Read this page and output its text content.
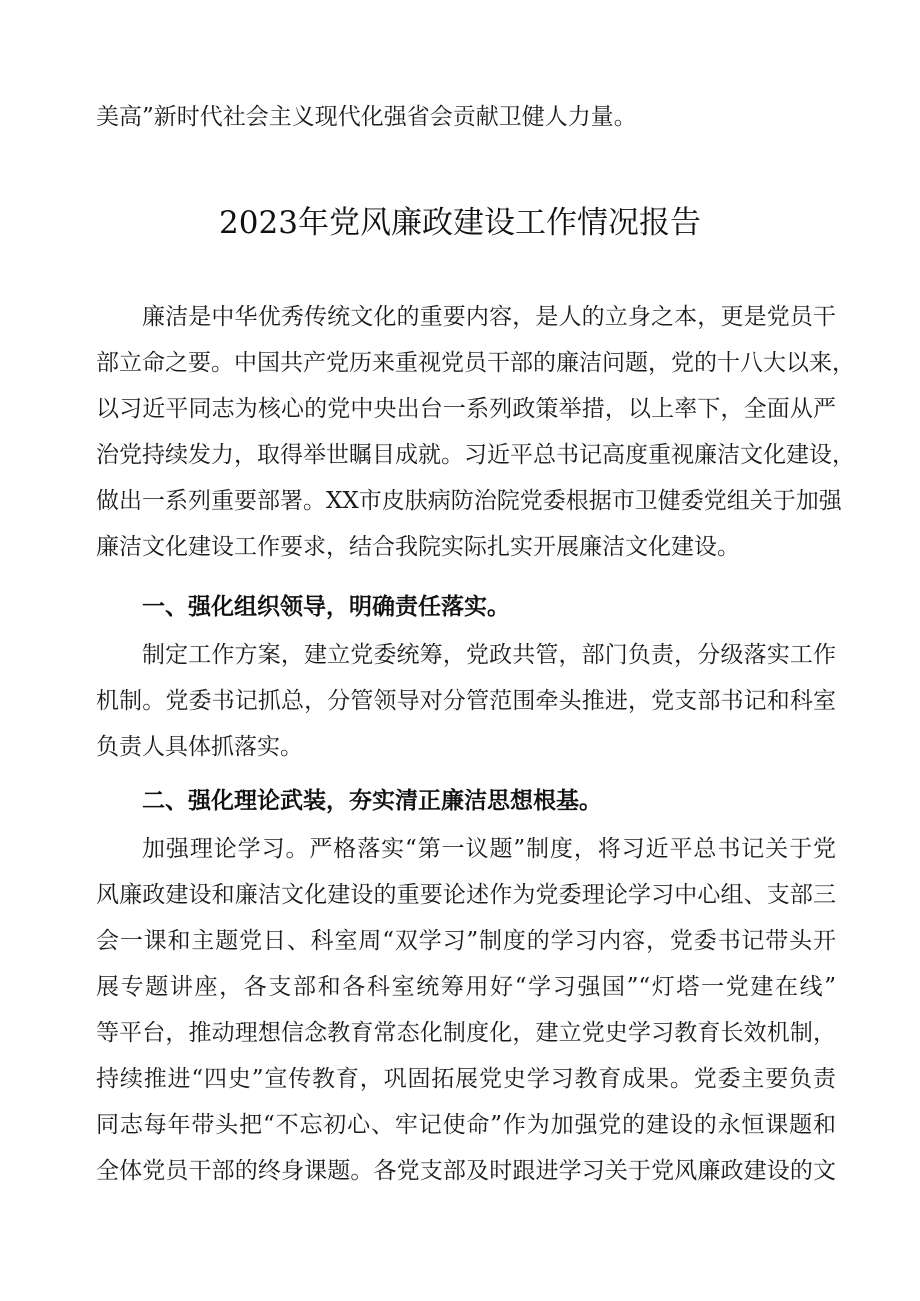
美高”新时代社会主义现代化强省会贡献卫健人力量。
2023年党风廉政建设工作情况报告
廉洁是中华优秀传统文化的重要内容，是人的立身之本，更是党员干
部立命之要。中国共产党历来重视党员干部的廉洁问题，党的十八大以来，
以习近平同志为核心的党中央出台一系列政策举措，以上率下，全面从严
治党持续发力，取得举世瞩目成就。习近平总书记高度重视廉洁文化建设，
做出一系列重要部署。XX市皮肤病防治院党委根据市卫健委党组关于加强
廉洁文化建设工作要求，结合我院实际扎实开展廉洁文化建设。
一、强化组织领导，明确责任落实。
制定工作方案，建立党委统筹，党政共管，部门负责，分级落实工作
机制。党委书记抓总，分管领导对分管范围牵头推进，党支部书记和科室
负责人具体抓落实。
二、强化理论武装，夯实清正廉洁思想根基。
加强理论学习。严格落实“第一议题”制度，将习近平总书记关于党
风廉政建设和廉洁文化建设的重要论述作为党委理论学习中心组、支部三
会一课和主题党日、科室周“双学习”制度的学习内容，党委书记带头开
展专题讲座，各支部和各科室统筹用好“学习强国”“灯塔一党建在线”
等平台，推动理想信念教育常态化制度化，建立党史学习教育长效机制，
持续推进“四史”宣传教育，巩固拓展党史学习教育成果。党委主要负责
同志每年带头把“不忘初心、牢记使命”作为加强党的建设的永恒课题和
全体党员干部的终身课题。各党支部及时跟进学习关于党风廉政建设的文
